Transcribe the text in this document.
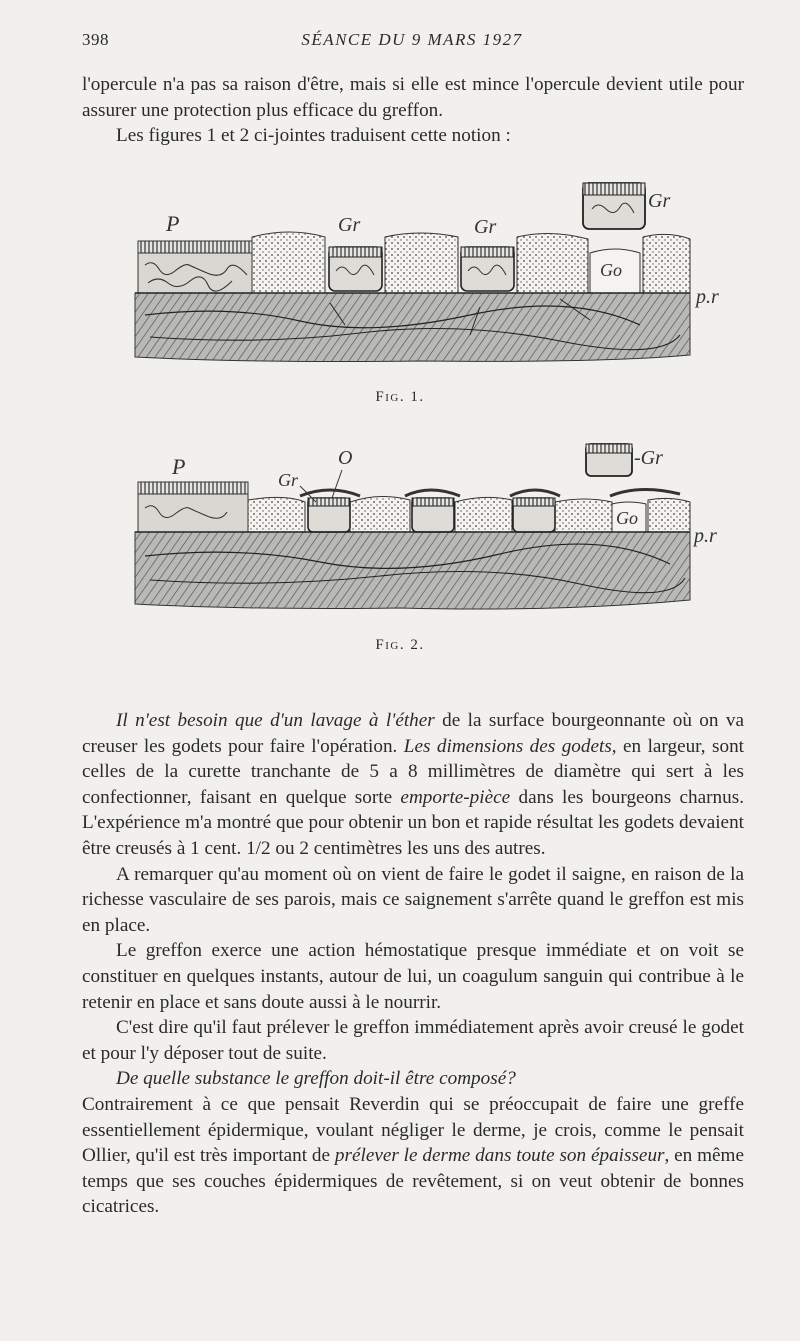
398	SÉANCE DU 9 MARS 1927

l'opercule n'a pas sa raison d'être, mais si elle est mince l'opercule devient utile pour assurer une protection plus efficace du greffon.

Les figures 1 et 2 ci-jointes traduisent cette notion :

P	Gr	Gr
Gr
Go
p.r
Fig. 1.
P
Gr
O	-Gr
Go
p.r
Fig. 2.

Il n'est besoin que d'un lavage à l'éther de la surface bourgeonnante où on va creuser les godets pour faire l'opération. Les dimensions des godets, en largeur, sont celles de la curette tranchante de 5 a 8 millimètres de diamètre qui sert à les confectionner, faisant en quelque sorte emporte-pièce dans les bourgeons charnus. L'expérience m'a montré que pour obtenir un bon et rapide résultat les godets devaient être creusés à 1 cent. 1/2 ou 2 centimètres les uns des autres.

A remarquer qu'au moment où on vient de faire le godet il saigne, en raison de la richesse vasculaire de ses parois, mais ce saignement s'arrête quand le greffon est mis en place.

Le greffon exerce une action hémostatique presque immédiate et on voit se constituer en quelques instants, autour de lui, un coagulum sanguin qui contribue à le retenir en place et sans doute aussi à le nourrir.

C'est dire qu'il faut prélever le greffon immédiatement après avoir creusé le godet et pour l'y déposer tout de suite.

De quelle substance le greffon doit-il être composé?

Contrairement à ce que pensait Reverdin qui se préoccupait de faire une greffe essentiellement épidermique, voulant négliger le derme, je crois, comme le pensait Ollier, qu'il est très important de prélever le derme dans toute son épaisseur, en même temps que ses couches épidermiques de revêtement, si on veut obtenir de bonnes cicatrices.
